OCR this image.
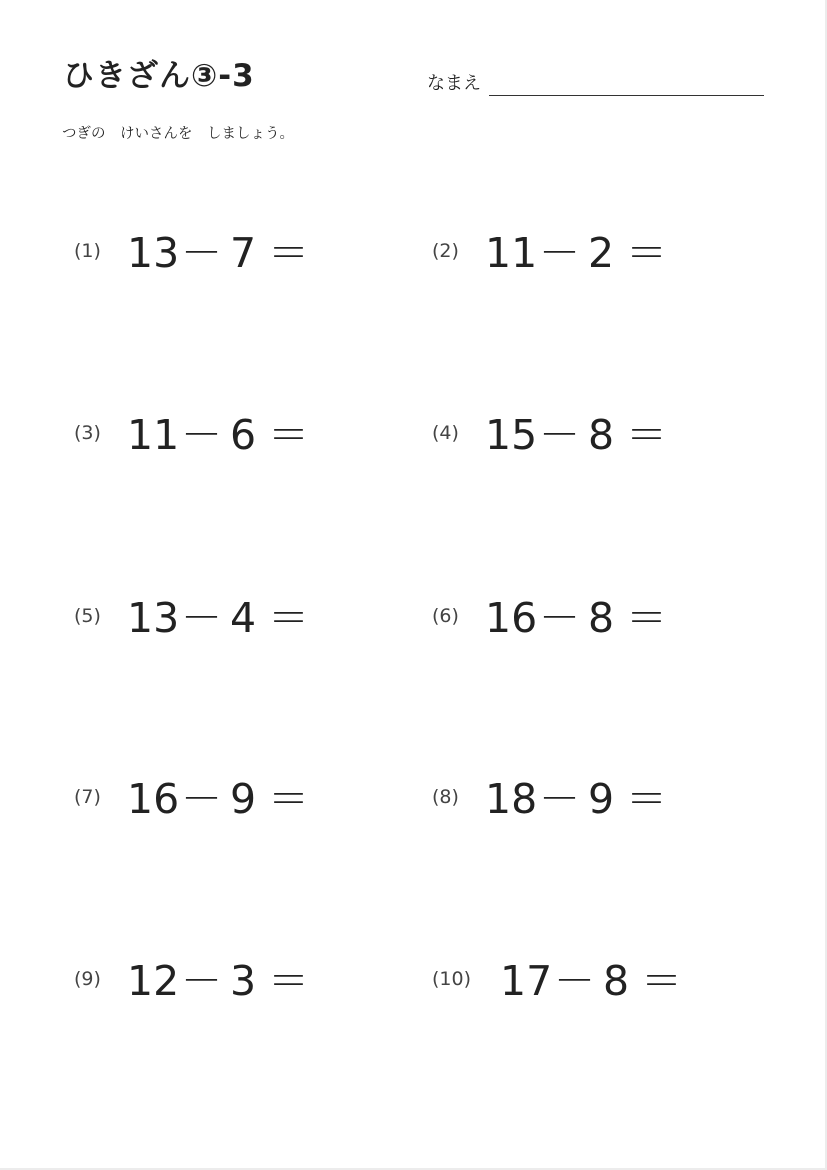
ひきざん③-3	なまえ
つぎの　けいさんを　しましょう。
(1) 13 － 7 ＝
(3) 11 － 6 ＝
(5) 13 － 4 ＝
(7) 16 － 9 ＝
(9) 12 － 3 ＝
(2) 11 － 2 ＝
(4) 15 － 8 ＝
(6) 16 － 8 ＝
(8) 18 － 9 ＝
(10) 17 － 8 ＝
